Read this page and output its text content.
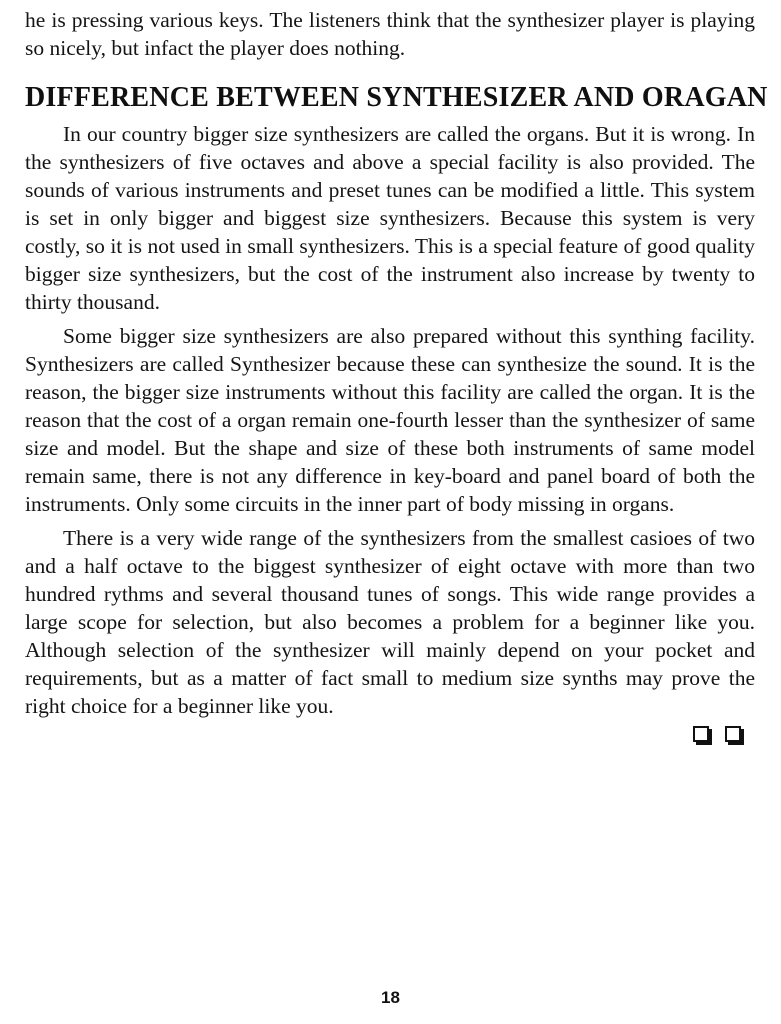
he is pressing various keys. The listeners think that the synthesizer player is playing so nicely, but infact the player does nothing.

DIFFERENCE BETWEEN SYNTHESIZER AND ORAGAN

In our country bigger size synthesizers are called the organs. But it is wrong. In the synthesizers of five octaves and above a special facility is also provided. The sounds of various instruments and preset tunes can be modified a little. This system is set in only bigger and biggest size synthesizers. Because this system is very costly, so it is not used in small synthesizers. This is a special feature of good quality bigger size synthesizers, but the cost of the instrument also increase by twenty to thirty thousand.

Some bigger size synthesizers are also prepared without this synthing facility. Synthesizers are called Synthesizer because these can synthesize the sound. It is the reason, the bigger size instruments without this facility are called the organ. It is the reason that the cost of a organ remain one-fourth lesser than the synthesizer of same size and model. But the shape and size of these both instruments of same model remain same, there is not any difference in key-board and panel board of both the instruments. Only some circuits in the inner part of body missing in organs.

There is a very wide range of the synthesizers from the smallest casioes of two and a half octave to the biggest synthesizer of eight octave with more than two hundred rythms and several thousand tunes of songs. This wide range provides a large scope for selection, but also becomes a problem for a beginner like you. Although selection of the synthesizer will mainly depend on your pocket and requirements, but as a matter of fact small to medium size synths may prove the right choice for a beginner like you.

18
